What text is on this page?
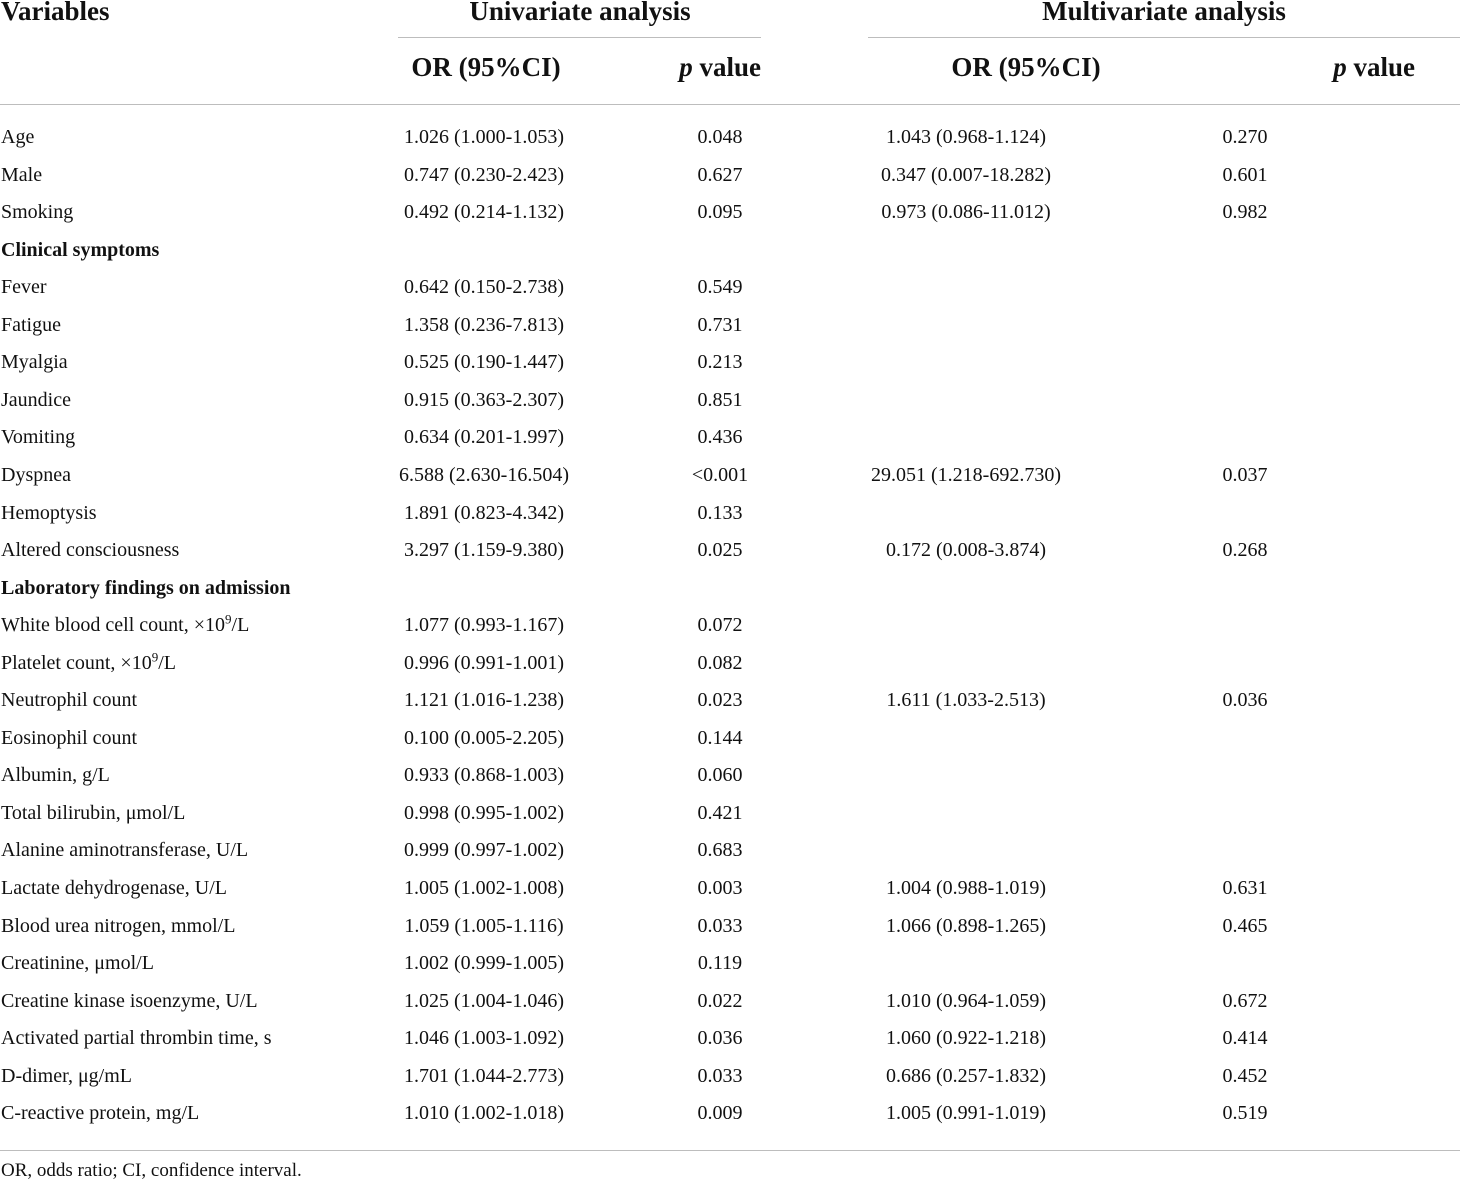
Variables	Univariate analysis	Multivariate analysis
OR (95%CI)	p value	OR (95%CI)	p value
Age	1.026 (1.000-1.053)	0.048	1.043 (0.968-1.124)	0.270
Male	0.747 (0.230-2.423)	0.627	0.347 (0.007-18.282)	0.601
Smoking	0.492 (0.214-1.132)	0.095	0.973 (0.086-11.012)	0.982
Clinical symptoms
Fever	0.642 (0.150-2.738)	0.549
Fatigue	1.358 (0.236-7.813)	0.731
Myalgia	0.525 (0.190-1.447)	0.213
Jaundice	0.915 (0.363-2.307)	0.851
Vomiting	0.634 (0.201-1.997)	0.436
Dyspnea	6.588 (2.630-16.504)	<0.001	29.051 (1.218-692.730)	0.037
Hemoptysis	1.891 (0.823-4.342)	0.133
Altered consciousness	3.297 (1.159-9.380)	0.025	0.172 (0.008-3.874)	0.268
Laboratory findings on admission
White blood cell count, $\times 10^9/L$	1.077 (0.993-1.167)	0.072
Platelet count, $\times 10^9/L$	0.996 (0.991-1.001)	0.082
Neutrophil count	1.121 (1.016-1.238)	0.023	1.611 (1.033-2.513)	0.036
Eosinophil count	0.100 (0.005-2.205)	0.144
Albumin, g/L	0.933 (0.868-1.003)	0.060
Total bilirubin, μmol/L	0.998 (0.995-1.002)	0.421
Alanine aminotransferase, U/L	0.999 (0.997-1.002)	0.683
Lactate dehydrogenase, U/L	1.005 (1.002-1.008)	0.003	1.004 (0.988-1.019)	0.631
Blood urea nitrogen, mmol/L	1.059 (1.005-1.116)	0.033	1.066 (0.898-1.265)	0.465
Creatinine, μmol/L	1.002 (0.999-1.005)	0.119
Creatine kinase isoenzyme, U/L	1.025 (1.004-1.046)	0.022	1.010 (0.964-1.059)	0.672
Activated partial thrombin time, s	1.046 (1.003-1.092)	0.036	1.060 (0.922-1.218)	0.414
D-dimer, μg/mL	1.701 (1.044-2.773)	0.033	0.686 (0.257-1.832)	0.452
C-reactive protein, mg/L	1.010 (1.002-1.018)	0.009	1.005 (0.991-1.019)	0.519
OR, odds ratio; CI, confidence interval.
